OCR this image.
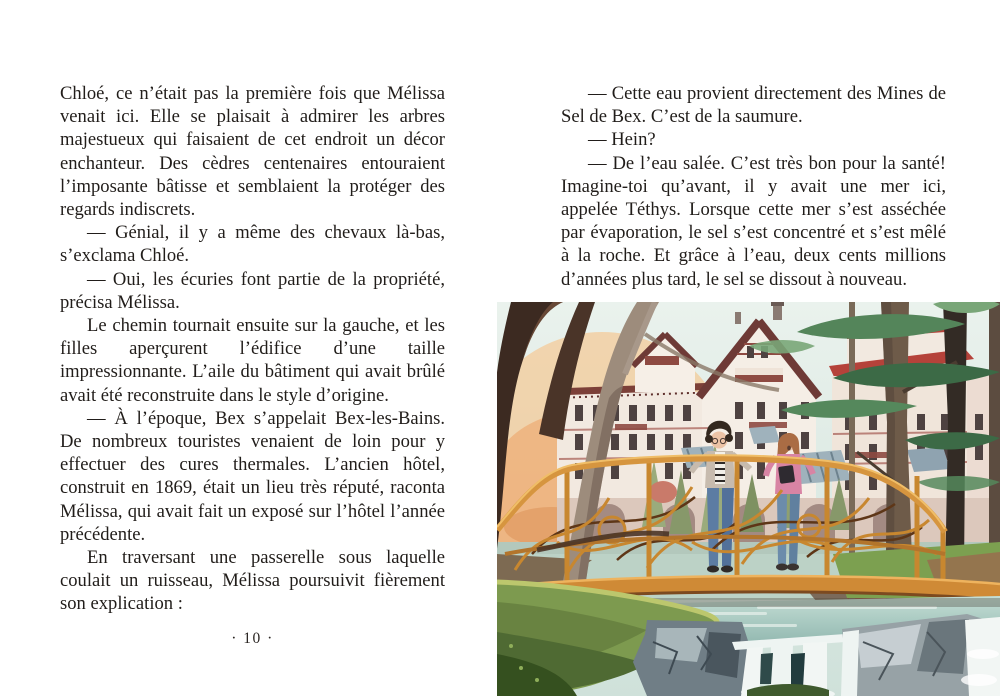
Chloé, ce n’était pas la première fois que Mélissa venait ici. Elle se plaisait à admirer les arbres majestueux qui faisaient de cet endroit un décor enchanteur. Des cèdres centenaires entouraient l’imposante bâtisse et semblaient la protéger des regards indiscrets.

— Génial, il y a même des chevaux là-bas, s’exclama Chloé.

— Oui, les écuries font partie de la propriété, précisa Mélissa.

Le chemin tournait ensuite sur la gauche, et les filles aperçurent l’édifice d’une taille impressionnante. L’aile du bâtiment qui avait brûlé avait été reconstruite dans le style d’origine.

— À l’époque, Bex s’appelait Bex-les-Bains. De nombreux touristes venaient de loin pour y effectuer des cures thermales. L’ancien hôtel, construit en 1869, était un lieu très réputé, raconta Mélissa, qui avait fait un exposé sur l’hôtel l’année précédente.

En traversant une passerelle sous laquelle coulait un ruisseau, Mélissa poursuivit fièrement son explication :

· 10 ·

— Cette eau provient directement des Mines de Sel de Bex. C’est de la saumure.

— Hein?

— De l’eau salée. C’est très bon pour la santé! Imagine-toi qu’avant, il y avait une mer ici, appelée Téthys. Lorsque cette mer s’est asséchée par évaporation, le sel s’est concentré et s’est mêlé à la roche. Et grâce à l’eau, deux cents millions d’années plus tard, le sel se dissout à nouveau.
